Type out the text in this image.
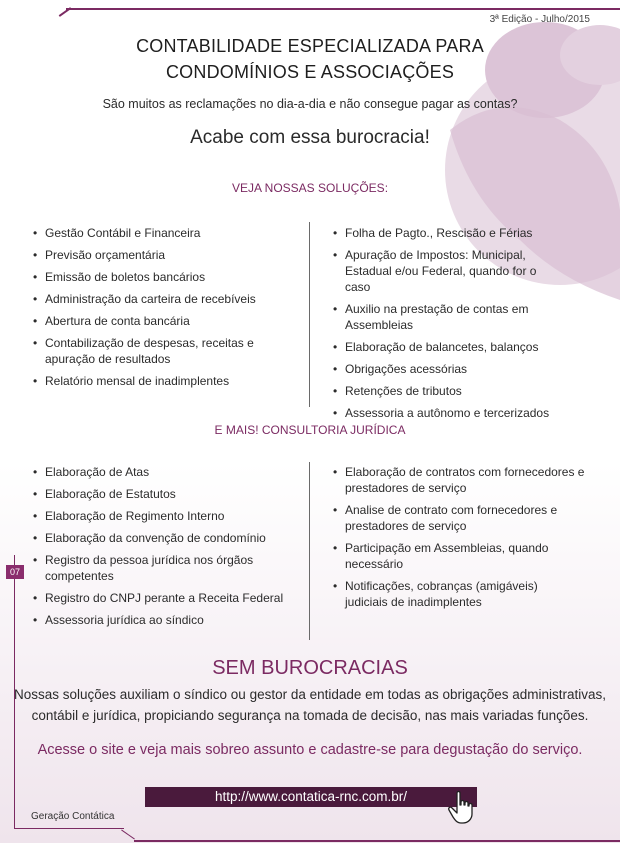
3ª Edição - Julho/2015
CONTABILIDADE ESPECIALIZADA PARA
CONDOMÍNIOS E ASSOCIAÇÕES
São muitos as reclamações no dia-a-dia e não consegue pagar as contas?
Acabe com essa burocracia!
VEJA NOSSAS SOLUÇÕES:
• Gestão Contábil e Financeira
• Previsão orçamentária
• Emissão de boletos bancários
• Administração da carteira de recebíveis
• Abertura de conta bancária
• Contabilização de despesas, receitas e apuração de resultados
• Relatório mensal de inadimplentes
• Folha de Pagto., Rescisão e Férias
• Apuração de Impostos: Municipal, Estadual e/ou Federal, quando for o caso
• Auxilio na prestação de contas em Assembleias
• Elaboração de balancetes, balanços
• Obrigações acessórias
• Retenções de tributos
• Assessoria a autônomo e tercerizados
E MAIS! CONSULTORIA JURÍDICA
• Elaboração de Atas
• Elaboração de Estatutos
• Elaboração de Regimento Interno
• Elaboração da convenção de condomínio
• Registro da pessoa jurídica nos órgãos competentes
• Registro do CNPJ perante a Receita Federal
• Assessoria jurídica ao síndico
• Elaboração de contratos com fornecedores e prestadores de serviço
• Analise de contrato com fornecedores e prestadores de serviço
• Participação em Assembleias, quando necessário
• Notificações, cobranças (amigáveis) judiciais de inadimplentes
07
SEM BUROCRACIAS
Nossas soluções auxiliam o síndico ou gestor da entidade em todas as obrigações administrativas,
contábil e jurídica, propiciando segurança na tomada de decisão, nas mais variadas funções.
Acesse o site e veja mais sobreo assunto e cadastre-se para degustação do serviço.
http://www.contatica-rnc.com.br/
Geração Contática
